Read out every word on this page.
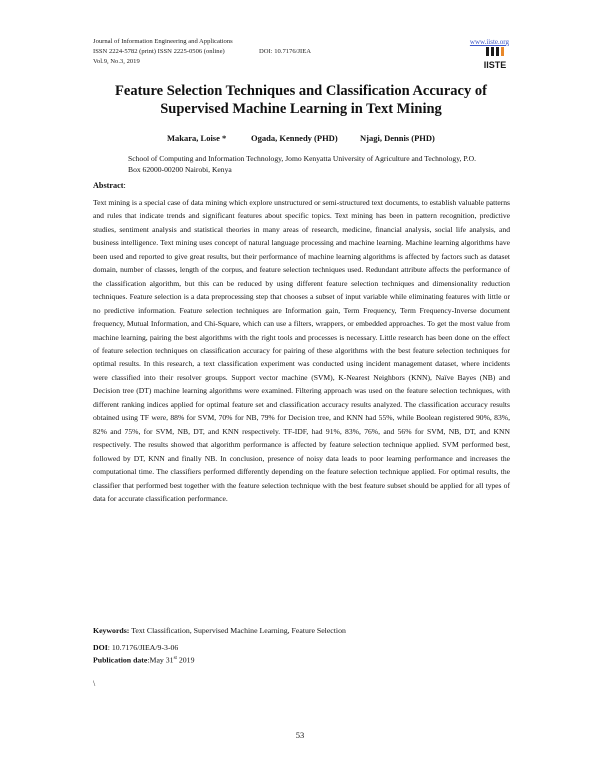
Journal of Information Engineering and Applications
ISSN 2224-5782 (print) ISSN 2225-0506 (online)	DOI: 10.7176/JIEA
Vol.9, No.3, 2019
www.iiste.org
IISTE
Feature Selection Techniques and Classification Accuracy of Supervised Machine Learning in Text Mining
Makara, Loise *	Ogada, Kennedy (PHD)	Njagi, Dennis (PHD)
School of Computing and Information Technology, Jomo Kenyatta University of Agriculture and Technology, P.O. Box 62000-00200 Nairobi, Kenya
Abstract:
Text mining is a special case of data mining which explore unstructured or semi-structured text documents, to establish valuable patterns and rules that indicate trends and significant features about specific topics. Text mining has been in pattern recognition, predictive studies, sentiment analysis and statistical theories in many areas of research, medicine, financial analysis, social life analysis, and business intelligence. Text mining uses concept of natural language processing and machine learning. Machine learning algorithms have been used and reported to give great results, but their performance of machine learning algorithms is affected by factors such as dataset domain, number of classes, length of the corpus, and feature selection techniques used. Redundant attribute affects the performance of the classification algorithm, but this can be reduced by using different feature selection techniques and dimensionality reduction techniques. Feature selection is a data preprocessing step that chooses a subset of input variable while eliminating features with little or no predictive information. Feature selection techniques are Information gain, Term Frequency, Term Frequency-Inverse document frequency, Mutual Information, and Chi-Square, which can use a filters, wrappers, or embedded approaches. To get the most value from machine learning, pairing the best algorithms with the right tools and processes is necessary. Little research has been done on the effect of feature selection techniques on classification accuracy for pairing of these algorithms with the best feature selection techniques for optimal results. In this research, a text classification experiment was conducted using incident management dataset, where incidents were classified into their resolver groups. Support vector machine (SVM), K-Nearest Neighbors (KNN), Naïve Bayes (NB) and Decision tree (DT) machine learning algorithms were examined. Filtering approach was used on the feature selection techniques, with different ranking indices applied for optimal feature set and classification accuracy results analyzed. The classification accuracy results obtained using TF were, 88% for SVM, 70% for NB, 79% for Decision tree, and KNN had 55%, while Boolean registered 90%, 83%, 82% and 75%, for SVM, NB, DT, and KNN respectively. TF-IDF, had 91%, 83%, 76%, and 56% for SVM, NB, DT, and KNN respectively. The results showed that algorithm performance is affected by feature selection technique applied. SVM performed best, followed by DT, KNN and finally NB. In conclusion, presence of noisy data leads to poor learning performance and increases the computational time. The classifiers performed differently depending on the feature selection technique applied. For optimal results, the classifier that performed best together with the feature selection technique with the best feature subset should be applied for all types of data for accurate classification performance.
Keywords: Text Classification, Supervised Machine Learning, Feature Selection
DOI: 10.7176/JIEA/9-3-06
Publication date:May 31st 2019
\
53
